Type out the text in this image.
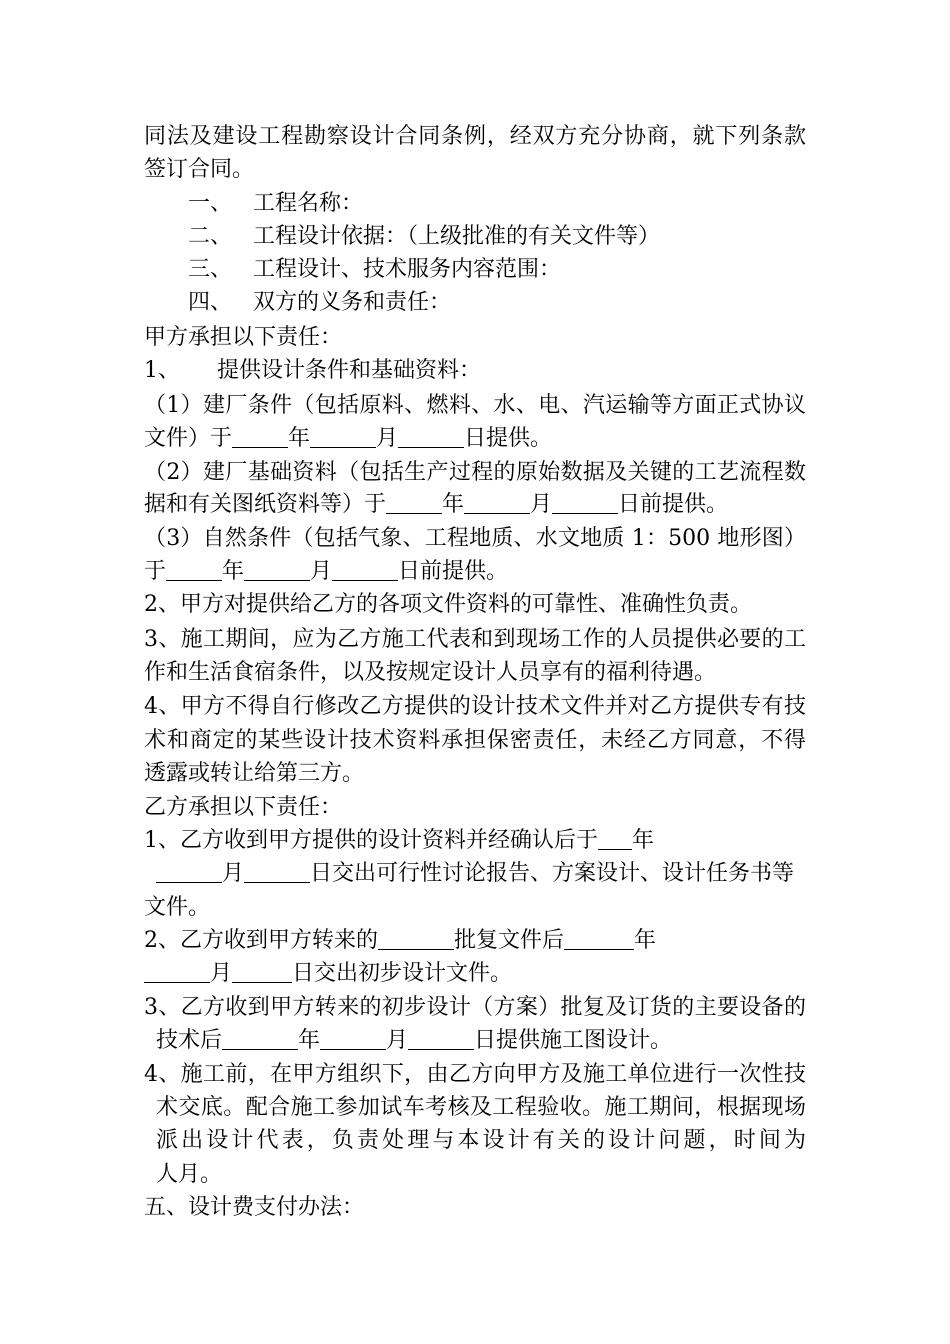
同法及建设工程勘察设计合同条例，经双方充分协商，就下列条款
签订合同。
一、 工程名称：
二、 工程设计依据：（上级批准的有关文件等）
三、 工程设计、技术服务内容范围：
四、 双方的义务和责任：
甲方承担以下责任：
1、 提供设计条件和基础资料：
（1）建厂条件（包括原料、燃料、水、电、汽运输等方面正式协议
文件）于	年	月	日提供。
（2）建厂基础资料（包括生产过程的原始数据及关键的工艺流程数
据和有关图纸资料等）于	年	月	日前提供。
（3）自然条件（包括气象、工程地质、水文地质 1：500 地形图）
于	年	月	日前提供。
2、甲方对提供给乙方的各项文件资料的可靠性、准确性负责。
3、施工期间，应为乙方施工代表和到现场工作的人员提供必要的工
作和生活食宿条件，以及按规定设计人员享有的福利待遇。
4、甲方不得自行修改乙方提供的设计技术文件并对乙方提供专有技
术和商定的某些设计技术资料承担保密责任，未经乙方同意，不得
透露或转让给第三方。
乙方承担以下责任：
1、乙方收到甲方提供的设计资料并经确认后于 年
月	日交出可行性讨论报告、方案设计、设计任务书等
文件。
2、乙方收到甲方转来的	批复文件后	年
月	日交出初步设计文件。
3、乙方收到甲方转来的初步设计（方案）批复及订货的主要设备的
技术后	年	月	日提供施工图设计。
4、施工前，在甲方组织下，由乙方向甲方及施工单位进行一次性技
术交底。配合施工参加试车考核及工程验收。施工期间，根据现场
派出设计代表，负责处理与本设计有关的设计问题，时间为
人月。
五、设计费支付办法：
